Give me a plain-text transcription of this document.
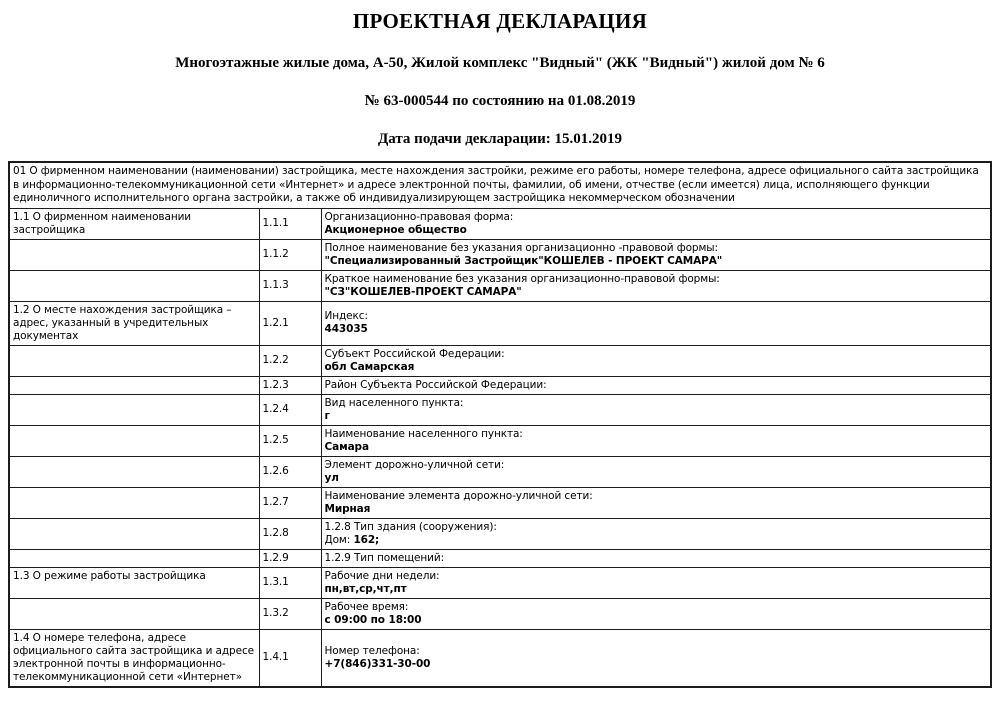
ПРОЕКТНАЯ ДЕКЛАРАЦИЯ

Многоэтажные жилые дома, А-50, Жилой комплекс "Видный" (ЖК "Видный") жилой дом № 6

№ 63-000544 по состоянию на 01.08.2019

Дата подачи декларации: 15.01.2019

01 О фирменном наименовании (наименовании) застройщика, месте нахождения застройки, режиме его работы, номере телефона, адресе официального сайта застройщика в информационно-телекоммуникационной сети «Интернет» и адресе электронной почты, фамилии, об имени, отчестве (если имеется) лица, исполняющего функции единоличного исполнительного органа застройки, а также об индивидуализирующем застройщика некоммерческом обозначении		
1.1 О фирменном наименовании застройщика	1.1.1	Организационно-правовая форма:
Акционерное общество

	1.1.2	Полное наименование без указания организационно -правовой формы:
"Специализированный Застройщик"КОШЕЛЕВ - ПРОЕКТ САМАРА"

	1.1.3	Краткое наименование без указания организационно-правовой формы:
"СЗ"КОШЕЛЕВ-ПРОЕКТ САМАРА"

1.2 О месте нахождения застройщика – адрес, указанный в учредительных документах	1.2.1	Индекс:
443035

	1.2.2	Субъект Российской Федерации:
обл Самарская

	1.2.3	Район Субъекта Российской Федерации:

	1.2.4	Вид населенного пункта:
г

	1.2.5	Наименование населенного пункта:
Самара

	1.2.6	Элемент дорожно-уличной сети:
ул

	1.2.7	Наименование элемента дорожно-уличной сети:
Мирная

	1.2.8	1.2.8 Тип здания (сооружения):
Дом: 162;

	1.2.9	1.2.9 Тип помещений:

1.3 О режиме работы застройщика	1.3.1	Рабочие дни недели:
пн,вт,ср,чт,пт

	1.3.2	Рабочее время:
с 09:00 по 18:00

1.4 О номере телефона, адресе официального сайта застройщика и адресе электронной почты в информационно-телекоммуникационной сети «Интернет»	1.4.1	Номер телефона:
+7(846)331-30-00
